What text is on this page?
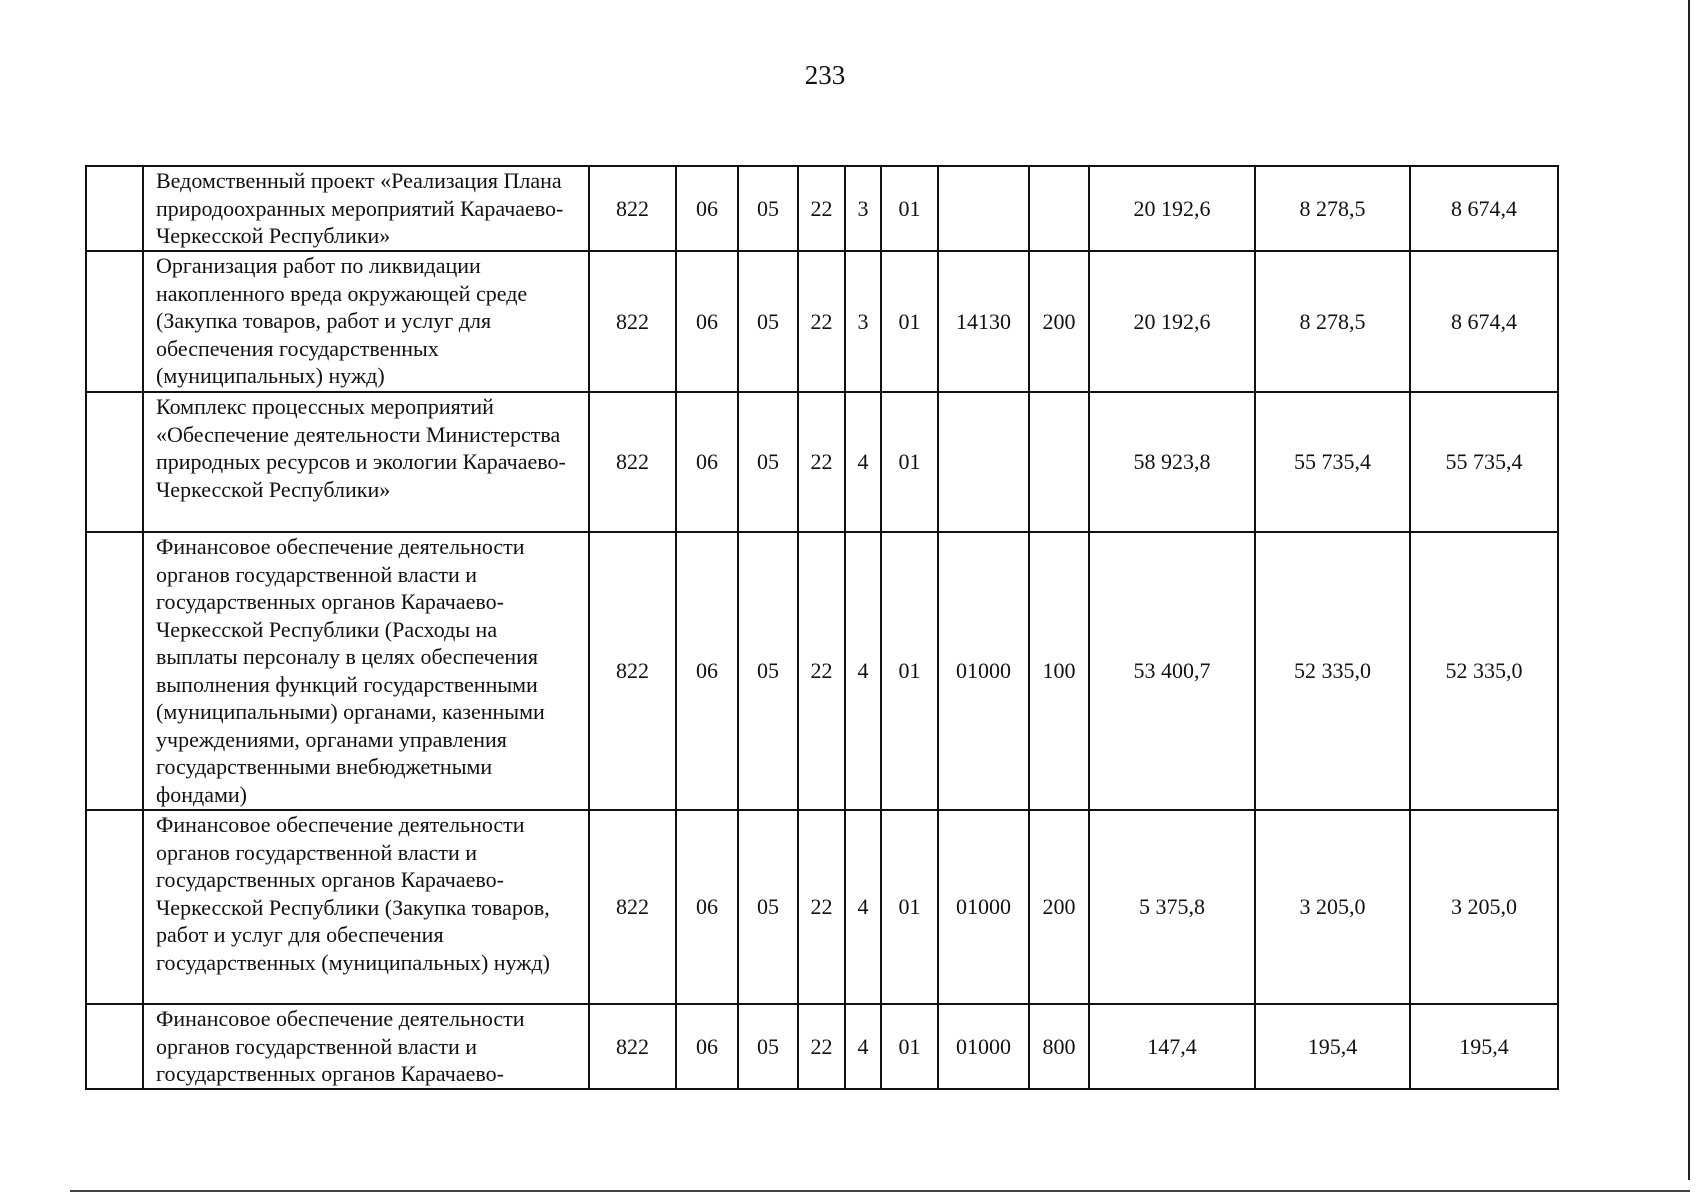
233
	Ведомственный проект «Реализация Плана природоохранных мероприятий Карачаево-Черкесской Республики»	822	06	05	22	3	01			20 192,6	8 278,5	8 674,4
	Организация работ по ликвидации накопленного вреда окружающей среде (Закупка товаров, работ и услуг для обеспечения государственных (муниципальных) нужд)	822	06	05	22	3	01	14130	200	20 192,6	8 278,5	8 674,4
	Комплекс процессных мероприятий «Обеспечение деятельности Министерства природных ресурсов и экологии Карачаево-Черкесской Республики»	822	06	05	22	4	01			58 923,8	55 735,4	55 735,4
	Финансовое обеспечение деятельности органов государственной власти и государственных органов Карачаево-Черкесской Республики (Расходы на выплаты персоналу в целях обеспечения выполнения функций государственными (муниципальными) органами, казенными учреждениями, органами управления государственными внебюджетными фондами)	822	06	05	22	4	01	01000	100	53 400,7	52 335,0	52 335,0
	Финансовое обеспечение деятельности органов государственной власти и государственных органов Карачаево-Черкесской Республики (Закупка товаров, работ и услуг для обеспечения государственных (муниципальных) нужд)	822	06	05	22	4	01	01000	200	5 375,8	3 205,0	3 205,0
	Финансовое обеспечение деятельности органов государственной власти и государственных органов Карачаево-	822	06	05	22	4	01	01000	800	147,4	195,4	195,4
